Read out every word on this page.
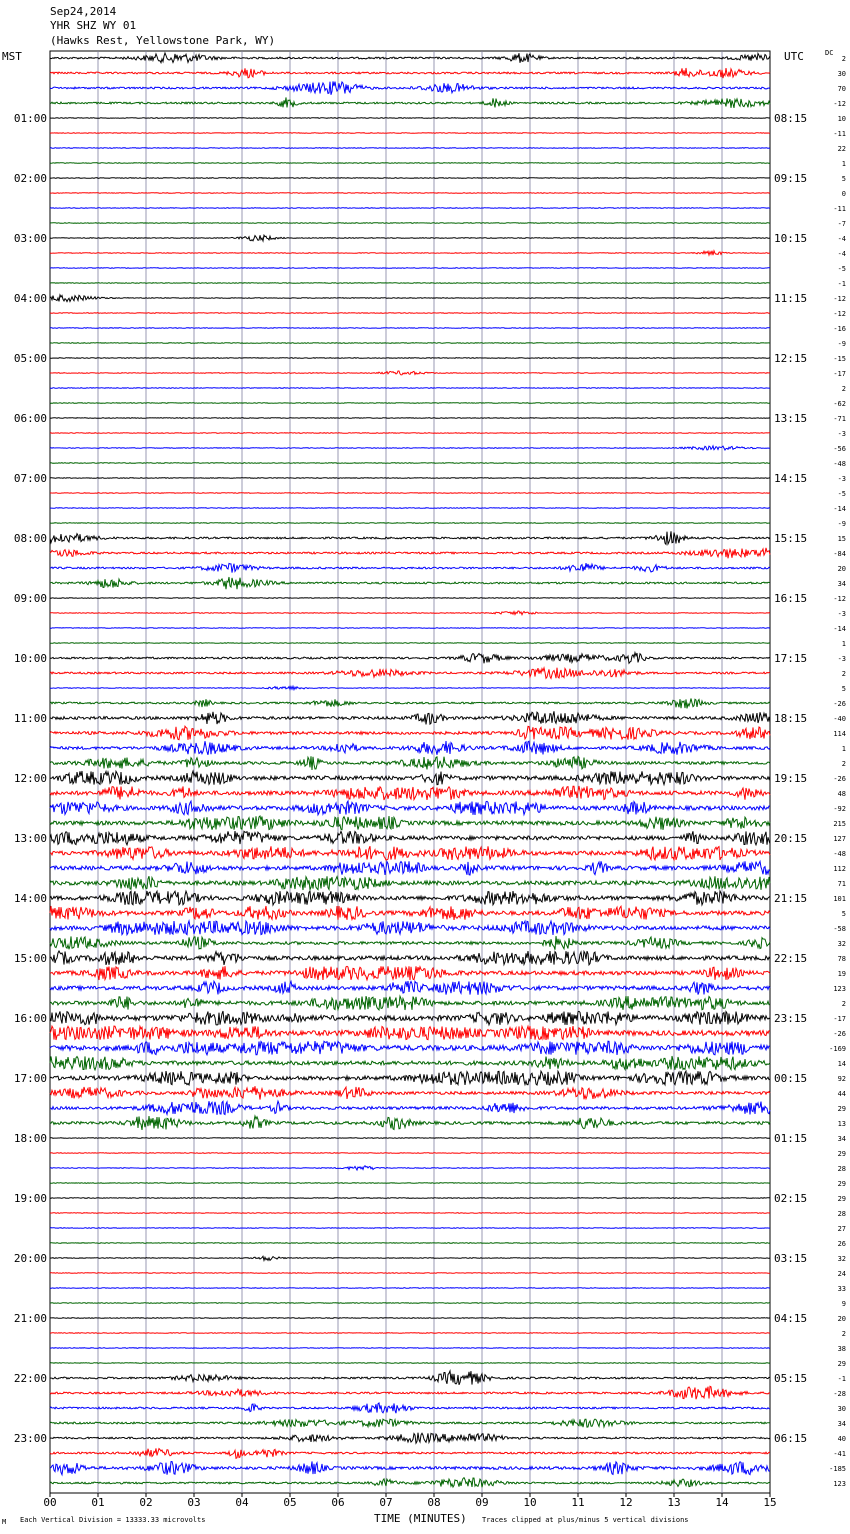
Sep24,2014
YHR SHZ WY 01
(Hawks Rest, Yellowstone Park, WY)
MST	UTC	DC
00	01	02	03	04	05	06	07	08	09	10	11	12	13	14	15
2
30
70
-12
10
-11
22
1
5
0
-11
-7
-4
-4
-5
-1
-12
-12
-16
-9
-15
-17
2
-62
-71
-3
-56
-48
-3
-5
-14
-9
15
-84
20
34
-12
-3
-14
1
-3
2
5
-26
-40
114
1
2
-26
48
-92
215
127
-48
112
71
101
5
-58
32
78
19
123
2
-17
-26
-169
14
92
44
29
13
34
29
28
29
29
28
27
26
32
24
33
9
20
2
38
29
-1
-28
30
34
40
-41
-185
123
01:00	08:15
02:00	09:15
03:00	10:15
04:00	11:15
05:00	12:15
06:00	13:15
07:00	14:15
08:00	15:15
09:00	16:15
10:00	17:15
11:00	18:15
12:00	19:15
13:00	20:15
14:00	21:15
15:00	22:15
16:00	23:15
17:00	00:15
18:00	01:15
19:00	02:15
20:00	03:15
21:00	04:15
22:00	05:15
23:00	06:15
TIME (MINUTES)
Each Vertical Division = 13333.33 microvolts	Traces clipped at plus/minus 5 vertical divisions
M
